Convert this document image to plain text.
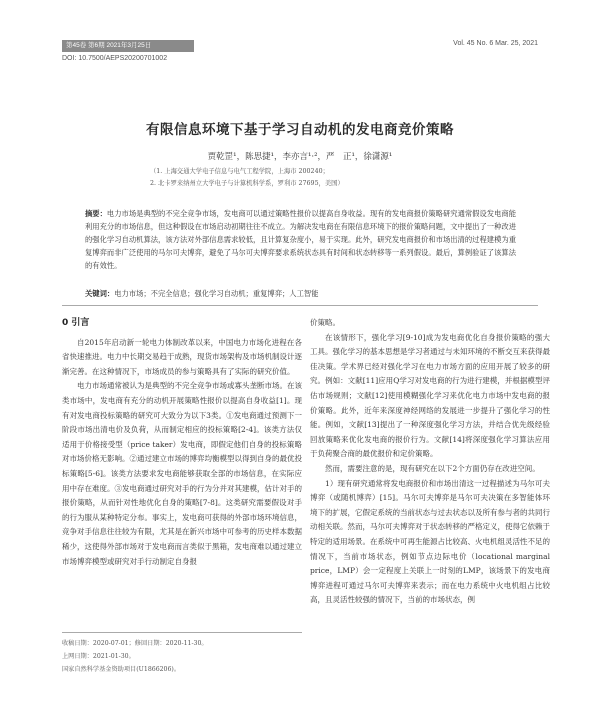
第45卷 第6期 2021年3月25日	Vol. 45 No. 6 Mar. 25, 2021
DOI: 10.7500/AEPS20200701002
有限信息环境下基于学习自动机的发电商竞价策略
贾乾罡¹，陈思捷¹，李亦言¹·²，严　正¹，徐潇源¹
（1. 上海交通大学电子信息与电气工程学院，上海市 200240；
2. 北卡罗来纳州立大学电子与计算机科学系，罗利市 27695，美国）
摘要：电力市场是典型的不完全竞争市场，发电商可以通过策略性报价以提高自身收益。现有的发电商报价策略研究通常假设发电商能利用充分的市场信息，但这种假设在市场启动初期往往不成立。为解决发电商在有限信息环境下的报价策略问题，文中提出了一种改进的强化学习自动机算法，该方法对外部信息需求较低，且计算复杂度小，易于实现。此外，研究发电商报价和市场出清的过程建模为重复博弈而非广泛使用的马尔可夫博弈，避免了马尔可夫博弈要求系统状态具有时间和状态转移等一系列假设。最后，算例验证了该算法的有效性。
关键词：电力市场；不完全信息；强化学习自动机；重复博弈；人工智能
0 引言

自2015年启动新一轮电力体制改革以来，中国电力市场化进程在各省快速推进。电力中长期交易趋于成熟，现货市场架构及市场机制设计逐渐完善。在这种情况下，市场成员的参与策略具有了实际的研究价值。

电力市场通常被认为是典型的不完全竞争市场或寡头垄断市场。在该类市场中，发电商有充分的动机开展策略性报价以提高自身收益[1]。现有对发电商投标策略的研究可大致分为以下3类。①发电商通过预测下一阶段市场出清电价及负荷，从而制定相应的投标策略[2-4]。该类方法仅适用于价格接受型（price taker）发电商，即假定他们自身的投标策略对市场价格无影响。②通过建立市场的博弈均衡模型以得到自身的最优投标策略[5-6]。该类方法要求发电商能够获取全部的市场信息，在实际应用中存在难度。③发电商通过研究对手的行为分并对其建模，估计对手的报价策略，从而针对性地优化自身的策略[7-8]。这类研究需要假设对手的行为服从某种特定分布。事实上，发电商可获得的外部市场环境信息，竞争对手信息往往较为有限，尤其是在新兴市场中可参考的历史样本数据稀少，这使得外部市场对于发电商而言类似于黑箱，发电商难以通过建立市场博弈模型或研究对手行动制定自身报

价策略。

在该情形下，强化学习[9-10]成为发电商优化自身报价策略的强大工具。强化学习的基本思想是学习者通过与未知环境的不断交互来获得最佳决策。学术界已经对强化学习在电力市场方面的应用开展了较多的研究。例如：文献[11]应用Q学习对发电商的行为进行建模，并根据模型评估市场规则；文献[12]使用模糊强化学习来优化电力市场中发电商的报价策略。此外，近年来深度神经网络的发展进一步提升了强化学习的性能。例如，文献[13]提出了一种深度强化学习方法，并结合优先级经验回放策略来优化发电商的报价行为。文献[14]将深度强化学习算法应用于负荷聚合商的最优报价和定价策略。

然而，需要注意的是，现有研究在以下2个方面仍存在改进空间。

1）现有研究通常将发电商报价和市场出清这一过程描述为马尔可夫博弈（或随机博弈）[15]。马尔可夫博弈是马尔可夫决策在多智能体环境下的扩展，它假定系统的当前状态与过去状态以及所有参与者的共同行动相关联。然而，马尔可夫博弈对于状态转移的严格定义，使得它依赖于特定的适用场景。在系统中可再生能源占比较高、火电机组灵活性不足的情况下，当前市场状态，例如节点边际电价（locational marginal price，LMP）会一定程度上关联上一时刻的LMP，该场景下的发电商博弈进程可通过马尔可夫博弈来表示；而在电力系统中火电机组占比较高，且灵活性较强的情况下，当前的市场状态，例

收稿日期：2020-07-01；修回日期：2020-11-30。
上网日期：2021-01-30。
国家自然科学基金资助项目(U1866206)。
